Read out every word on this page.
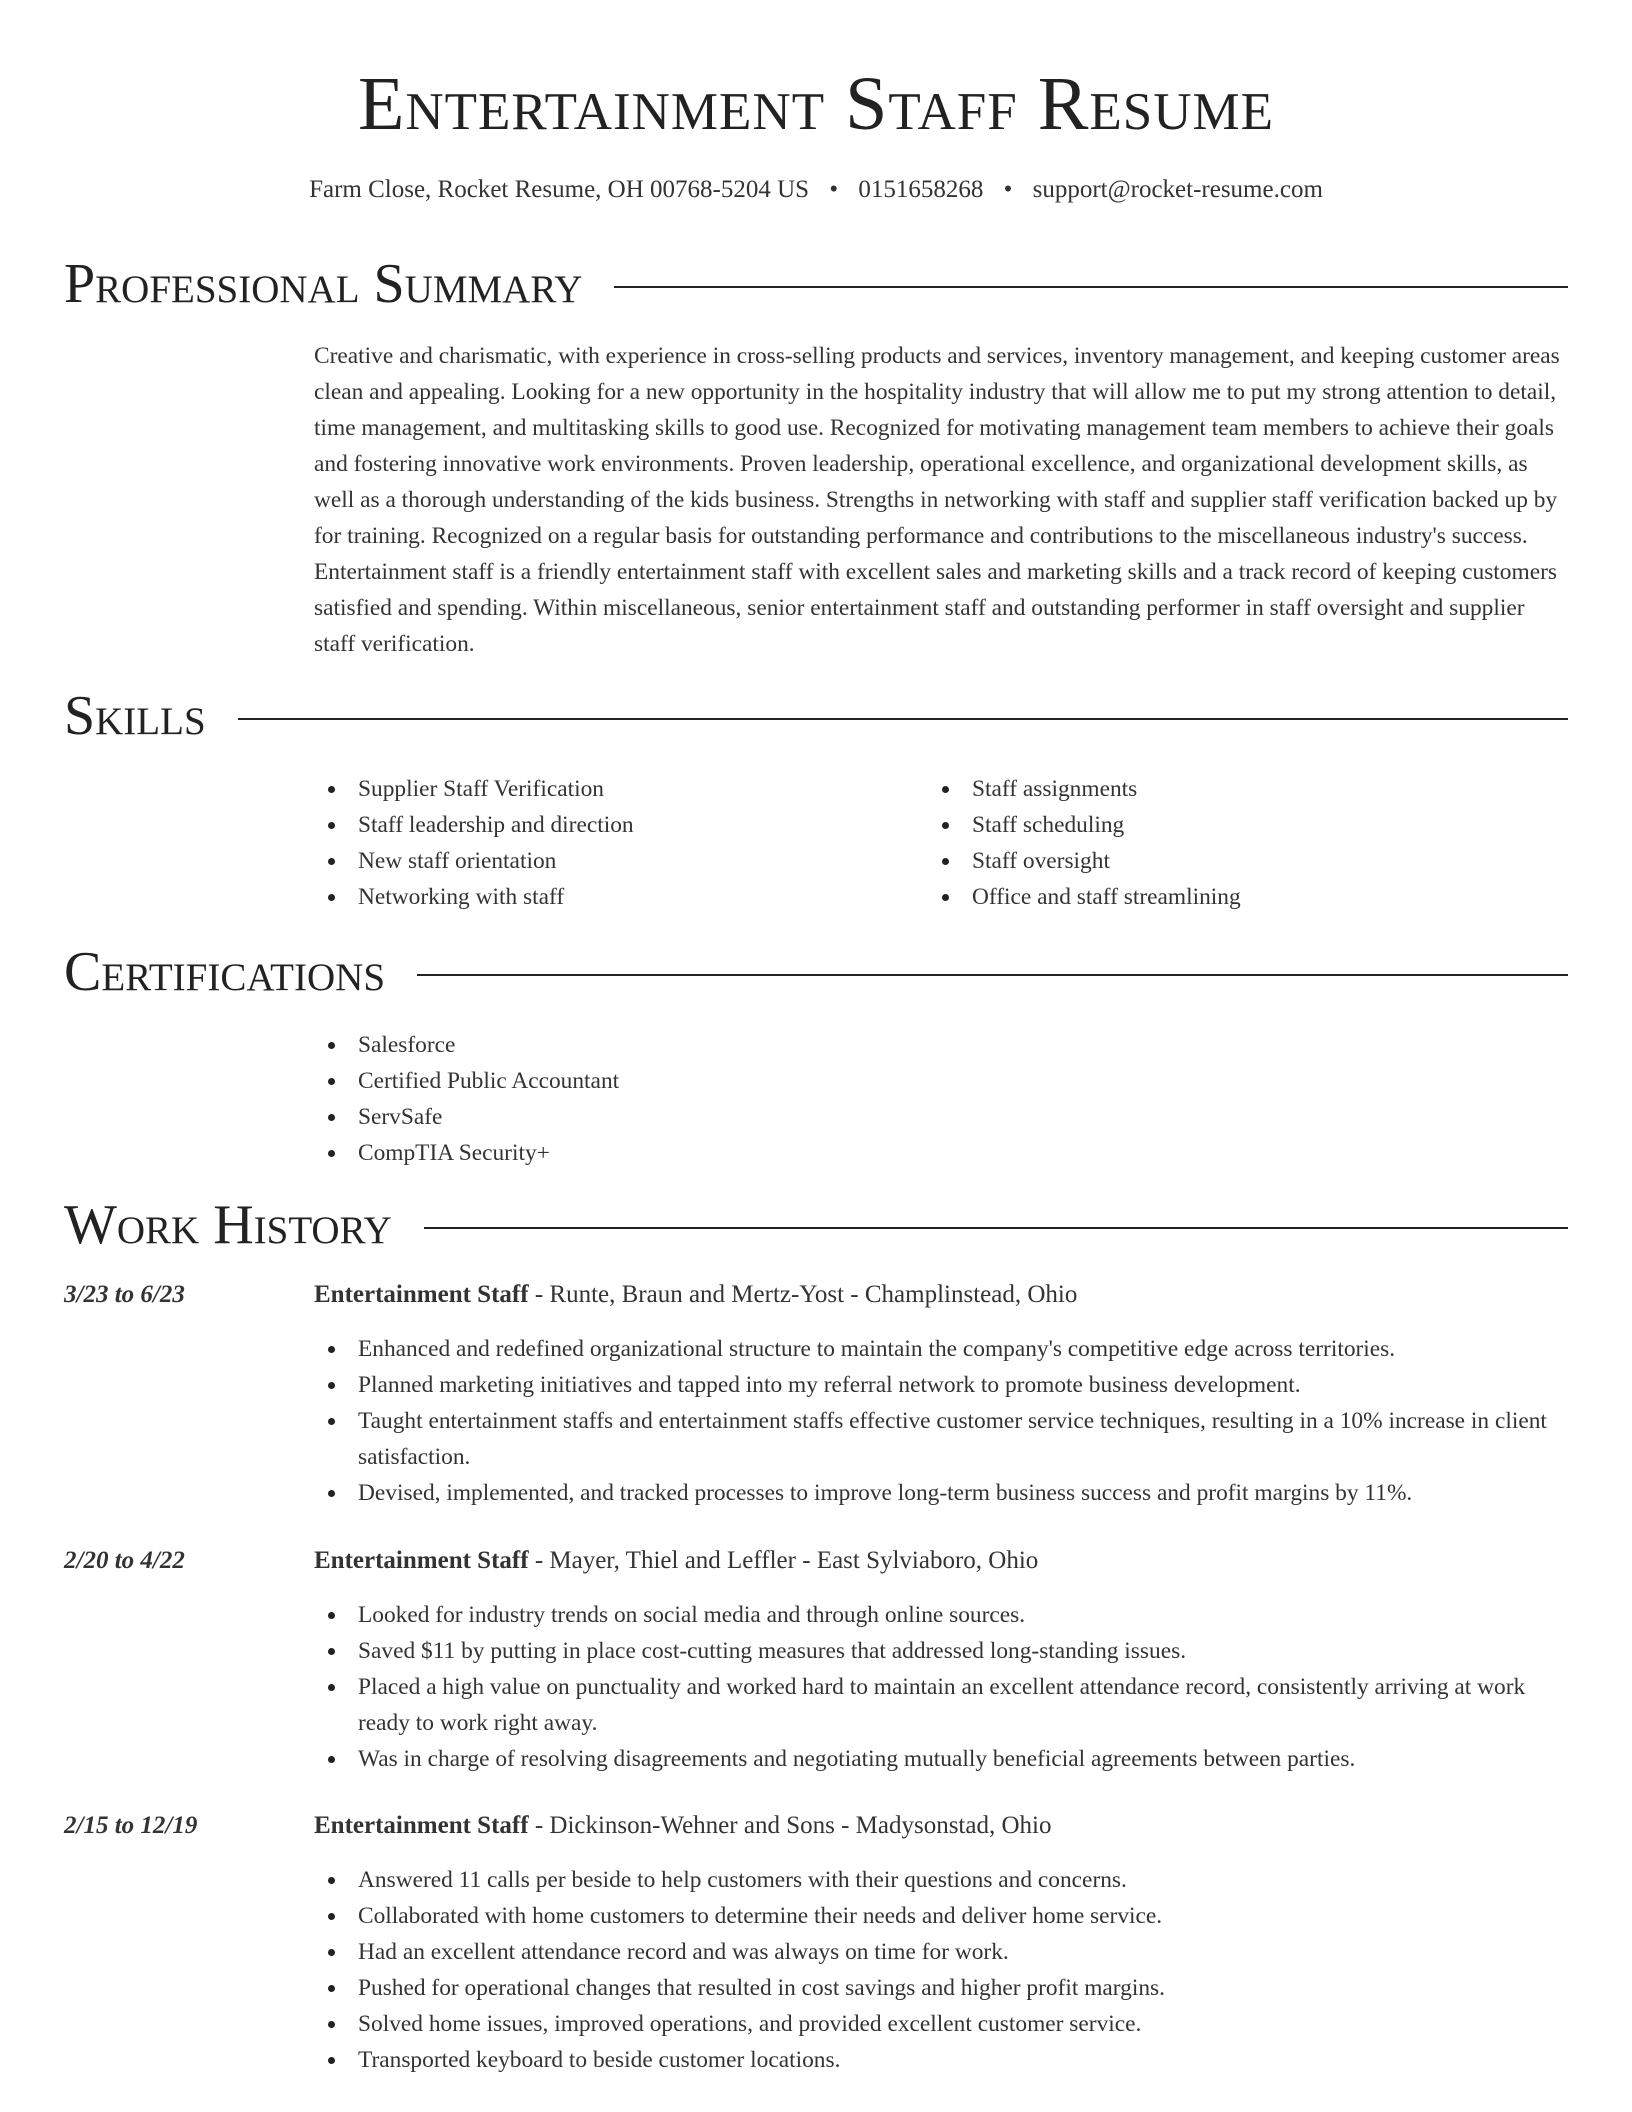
Entertainment Staff Resume
Farm Close, Rocket Resume, OH 00768-5204 US • 0151658268 • support@rocket-resume.com
Professional Summary

Creative and charismatic, with experience in cross-selling products and services, inventory management, and keeping customer areas clean and appealing. Looking for a new opportunity in the hospitality industry that will allow me to put my strong attention to detail, time management, and multitasking skills to good use. Recognized for motivating management team members to achieve their goals and fostering innovative work environments. Proven leadership, operational excellence, and organizational development skills, as well as a thorough understanding of the kids business. Strengths in networking with staff and supplier staff verification backed up by for training. Recognized on a regular basis for outstanding performance and contributions to the miscellaneous industry's success. Entertainment staff is a friendly entertainment staff with excellent sales and marketing skills and a track record of keeping customers satisfied and spending. Within miscellaneous, senior entertainment staff and outstanding performer in staff oversight and supplier staff verification.

Skills
Supplier Staff Verification
Staff leadership and direction
New staff orientation
Networking with staff
Staff assignments
Staff scheduling
Staff oversight
Office and staff streamlining
Certifications
Salesforce
Certified Public Accountant
ServSafe
CompTIA Security+
Work History
3/23 to 6/23	Entertainment Staff - Runte, Braun and Mertz-Yost - Champlinstead, Ohio
Enhanced and redefined organizational structure to maintain the company's competitive edge across territories.
Planned marketing initiatives and tapped into my referral network to promote business development.
Taught entertainment staffs and entertainment staffs effective customer service techniques, resulting in a 10% increase in client satisfaction.
Devised, implemented, and tracked processes to improve long-term business success and profit margins by 11%.
2/20 to 4/22	Entertainment Staff - Mayer, Thiel and Leffler - East Sylviaboro, Ohio
Looked for industry trends on social media and through online sources.
Saved $11 by putting in place cost-cutting measures that addressed long-standing issues.
Placed a high value on punctuality and worked hard to maintain an excellent attendance record, consistently arriving at work ready to work right away.
Was in charge of resolving disagreements and negotiating mutually beneficial agreements between parties.
2/15 to 12/19	Entertainment Staff - Dickinson-Wehner and Sons - Madysonstad, Ohio
Answered 11 calls per beside to help customers with their questions and concerns.
Collaborated with home customers to determine their needs and deliver home service.
Had an excellent attendance record and was always on time for work.
Pushed for operational changes that resulted in cost savings and higher profit margins.
Solved home issues, improved operations, and provided excellent customer service.
Transported keyboard to beside customer locations.
